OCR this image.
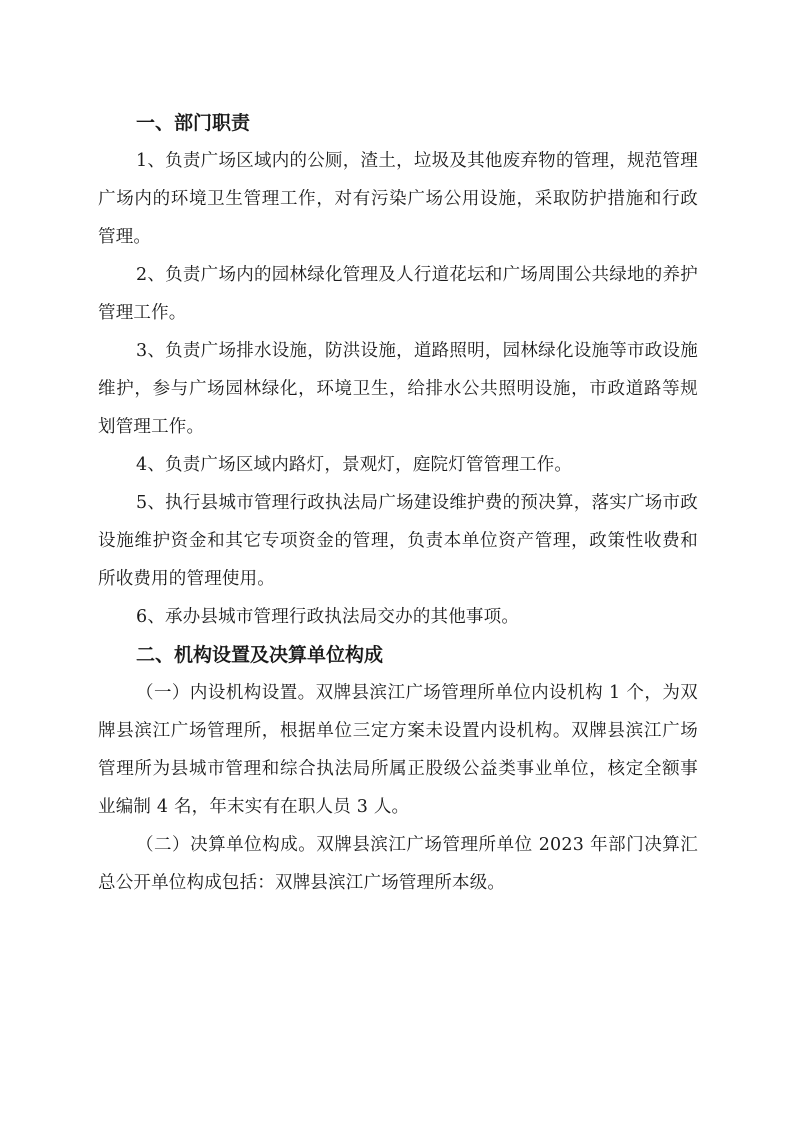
一、部门职责

1、负责广场区域内的公厕，渣土，垃圾及其他废弃物的管理，规范管理广场内的环境卫生管理工作，对有污染广场公用设施，采取防护措施和行政管理。

2、负责广场内的园林绿化管理及人行道花坛和广场周围公共绿地的养护管理工作。

3、负责广场排水设施，防洪设施，道路照明，园林绿化设施等市政设施维护，参与广场园林绿化，环境卫生，给排水公共照明设施，市政道路等规划管理工作。

4、负责广场区域内路灯，景观灯，庭院灯管管理工作。

5、执行县城市管理行政执法局广场建设维护费的预决算，落实广场市政设施维护资金和其它专项资金的管理，负责本单位资产管理，政策性收费和所收费用的管理使用。

6、承办县城市管理行政执法局交办的其他事项。

二、机构设置及决算单位构成

（一）内设机构设置。双牌县滨江广场管理所单位内设机构 1 个，为双牌县滨江广场管理所，根据单位三定方案未设置内设机构。双牌县滨江广场管理所为县城市管理和综合执法局所属正股级公益类事业单位，核定全额事业编制 4 名，年末实有在职人员 3 人。

（二）决算单位构成。双牌县滨江广场管理所单位 2023 年部门决算汇总公开单位构成包括：双牌县滨江广场管理所本级。
